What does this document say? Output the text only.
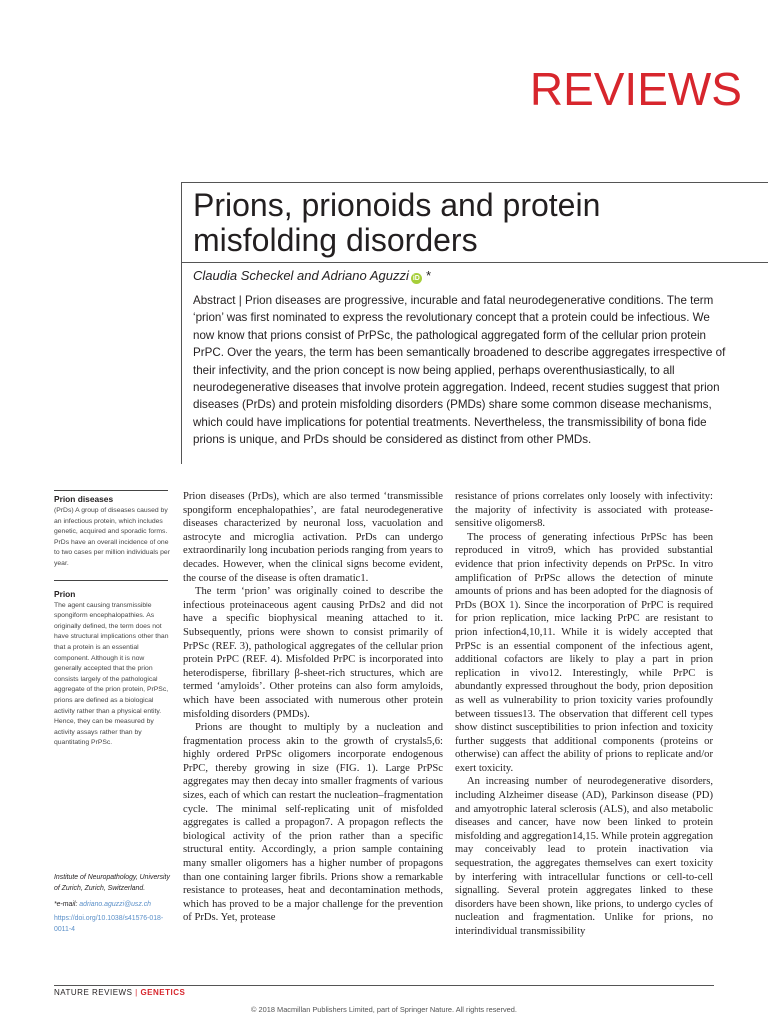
REVIEWS
Prions, prionoids and protein misfolding disorders
Claudia Scheckel and Adriano Aguzzi iD *

Abstract | Prion diseases are progressive, incurable and fatal neurodegenerative conditions. The term ‘prion’ was first nominated to express the revolutionary concept that a protein could be infectious. We now know that prions consist of PrPSc, the pathological aggregated form of the cellular prion protein PrPC. Over the years, the term has been semantically broadened to describe aggregates irrespective of their infectivity, and the prion concept is now being applied, perhaps overenthusiastically, to all neurodegenerative diseases that involve protein aggregation. Indeed, recent studies suggest that prion diseases (PrDs) and protein misfolding disorders (PMDs) share some common disease mechanisms, which could have implications for potential treatments. Nevertheless, the transmissibility of bona fide prions is unique, and PrDs should be considered as distinct from other PMDs.

Prion diseases

(PrDs) A group of diseases caused by an infectious protein, which includes genetic, acquired and sporadic forms. PrDs have an overall incidence of one to two cases per million individuals per year.

Prion

The agent causing transmissible spongiform encephalopathies. As originally defined, the term does not have structural implications other than that a protein is an essential component. Although it is now generally accepted that the prion consists largely of the pathological aggregate of the prion protein, PrPSc, prions are defined as a biological activity rather than a physical entity. Hence, they can be measured by activity assays rather than by quantitating PrPSc.

Institute of Neuropathology, University of Zurich, Zurich, Switzerland.
*e-mail: adriano.aguzzi@usz.ch
https://doi.org/10.1038/s41576-018-0011-4

Prion diseases (PrDs), which are also termed ‘transmissible spongiform encephalopathies’, are fatal neurodegenerative diseases characterized by neuronal loss, vacuolation and astrocyte and microglia activation. PrDs can undergo extraordinarily long incubation periods ranging from years to decades. However, when the clinical signs become evident, the course of the disease is often dramatic1.

The term ‘prion’ was originally coined to describe the infectious proteinaceous agent causing PrDs2 and did not have a specific biophysical meaning attached to it. Subsequently, prions were shown to consist primarily of PrPSc (REF. 3), pathological aggregates of the cellular prion protein PrPC (REF. 4). Misfolded PrPC is incorporated into heterodisperse, fibrillary β-sheet-rich structures, which are termed ‘amyloids’. Other proteins can also form amyloids, which have been associated with numerous other protein misfolding disorders (PMDs).

Prions are thought to multiply by a nucleation and fragmentation process akin to the growth of crystals5,6: highly ordered PrPSc oligomers incorporate endogenous PrPC, thereby growing in size (FIG. 1). Large PrPSc aggregates may then decay into smaller fragments of various sizes, each of which can restart the nucleation–fragmentation cycle. The minimal self-replicating unit of misfolded aggregates is called a propagon7. A propagon reflects the biological activity of the prion rather than a specific structural entity. Accordingly, a prion sample containing many smaller oligomers has a higher number of propagons than one containing larger fibrils. Prions show a remarkable resistance to proteases, heat and decontamination methods, which has proved to be a major challenge for the prevention of PrDs. Yet, protease

resistance of prions correlates only loosely with infectivity: the majority of infectivity is associated with protease-sensitive oligomers8.

The process of generating infectious PrPSc has been reproduced in vitro9, which has provided substantial evidence that prion infectivity depends on PrPSc. In vitro amplification of PrPSc allows the detection of minute amounts of prions and has been adopted for the diagnosis of PrDs (BOX 1). Since the incorporation of PrPC is required for prion replication, mice lacking PrPC are resistant to prion infection4,10,11. While it is widely accepted that PrPSc is an essential component of the infectious agent, additional cofactors are likely to play a part in prion replication in vivo12. Interestingly, while PrPC is abundantly expressed throughout the body, prion deposition as well as vulnerability to prion toxicity varies profoundly between tissues13. The observation that different cell types show distinct susceptibilities to prion infection and toxicity further suggests that additional components (proteins or otherwise) can affect the ability of prions to replicate and/or exert toxicity.

An increasing number of neurodegenerative disorders, including Alzheimer disease (AD), Parkinson disease (PD) and amyotrophic lateral sclerosis (ALS), and also metabolic diseases and cancer, have now been linked to protein misfolding and aggregation14,15. While protein aggregation may conceivably lead to protein inactivation via sequestration, the aggregates themselves can exert toxicity by interfering with intracellular functions or cell-to-cell signalling. Several protein aggregates linked to these disorders have been shown, like prions, to undergo cycles of nucleation and fragmentation. Unlike for prions, no interindividual transmissibility

NATURE REVIEWS | GENETICS
© 2018 Macmillan Publishers Limited, part of Springer Nature. All rights reserved.
